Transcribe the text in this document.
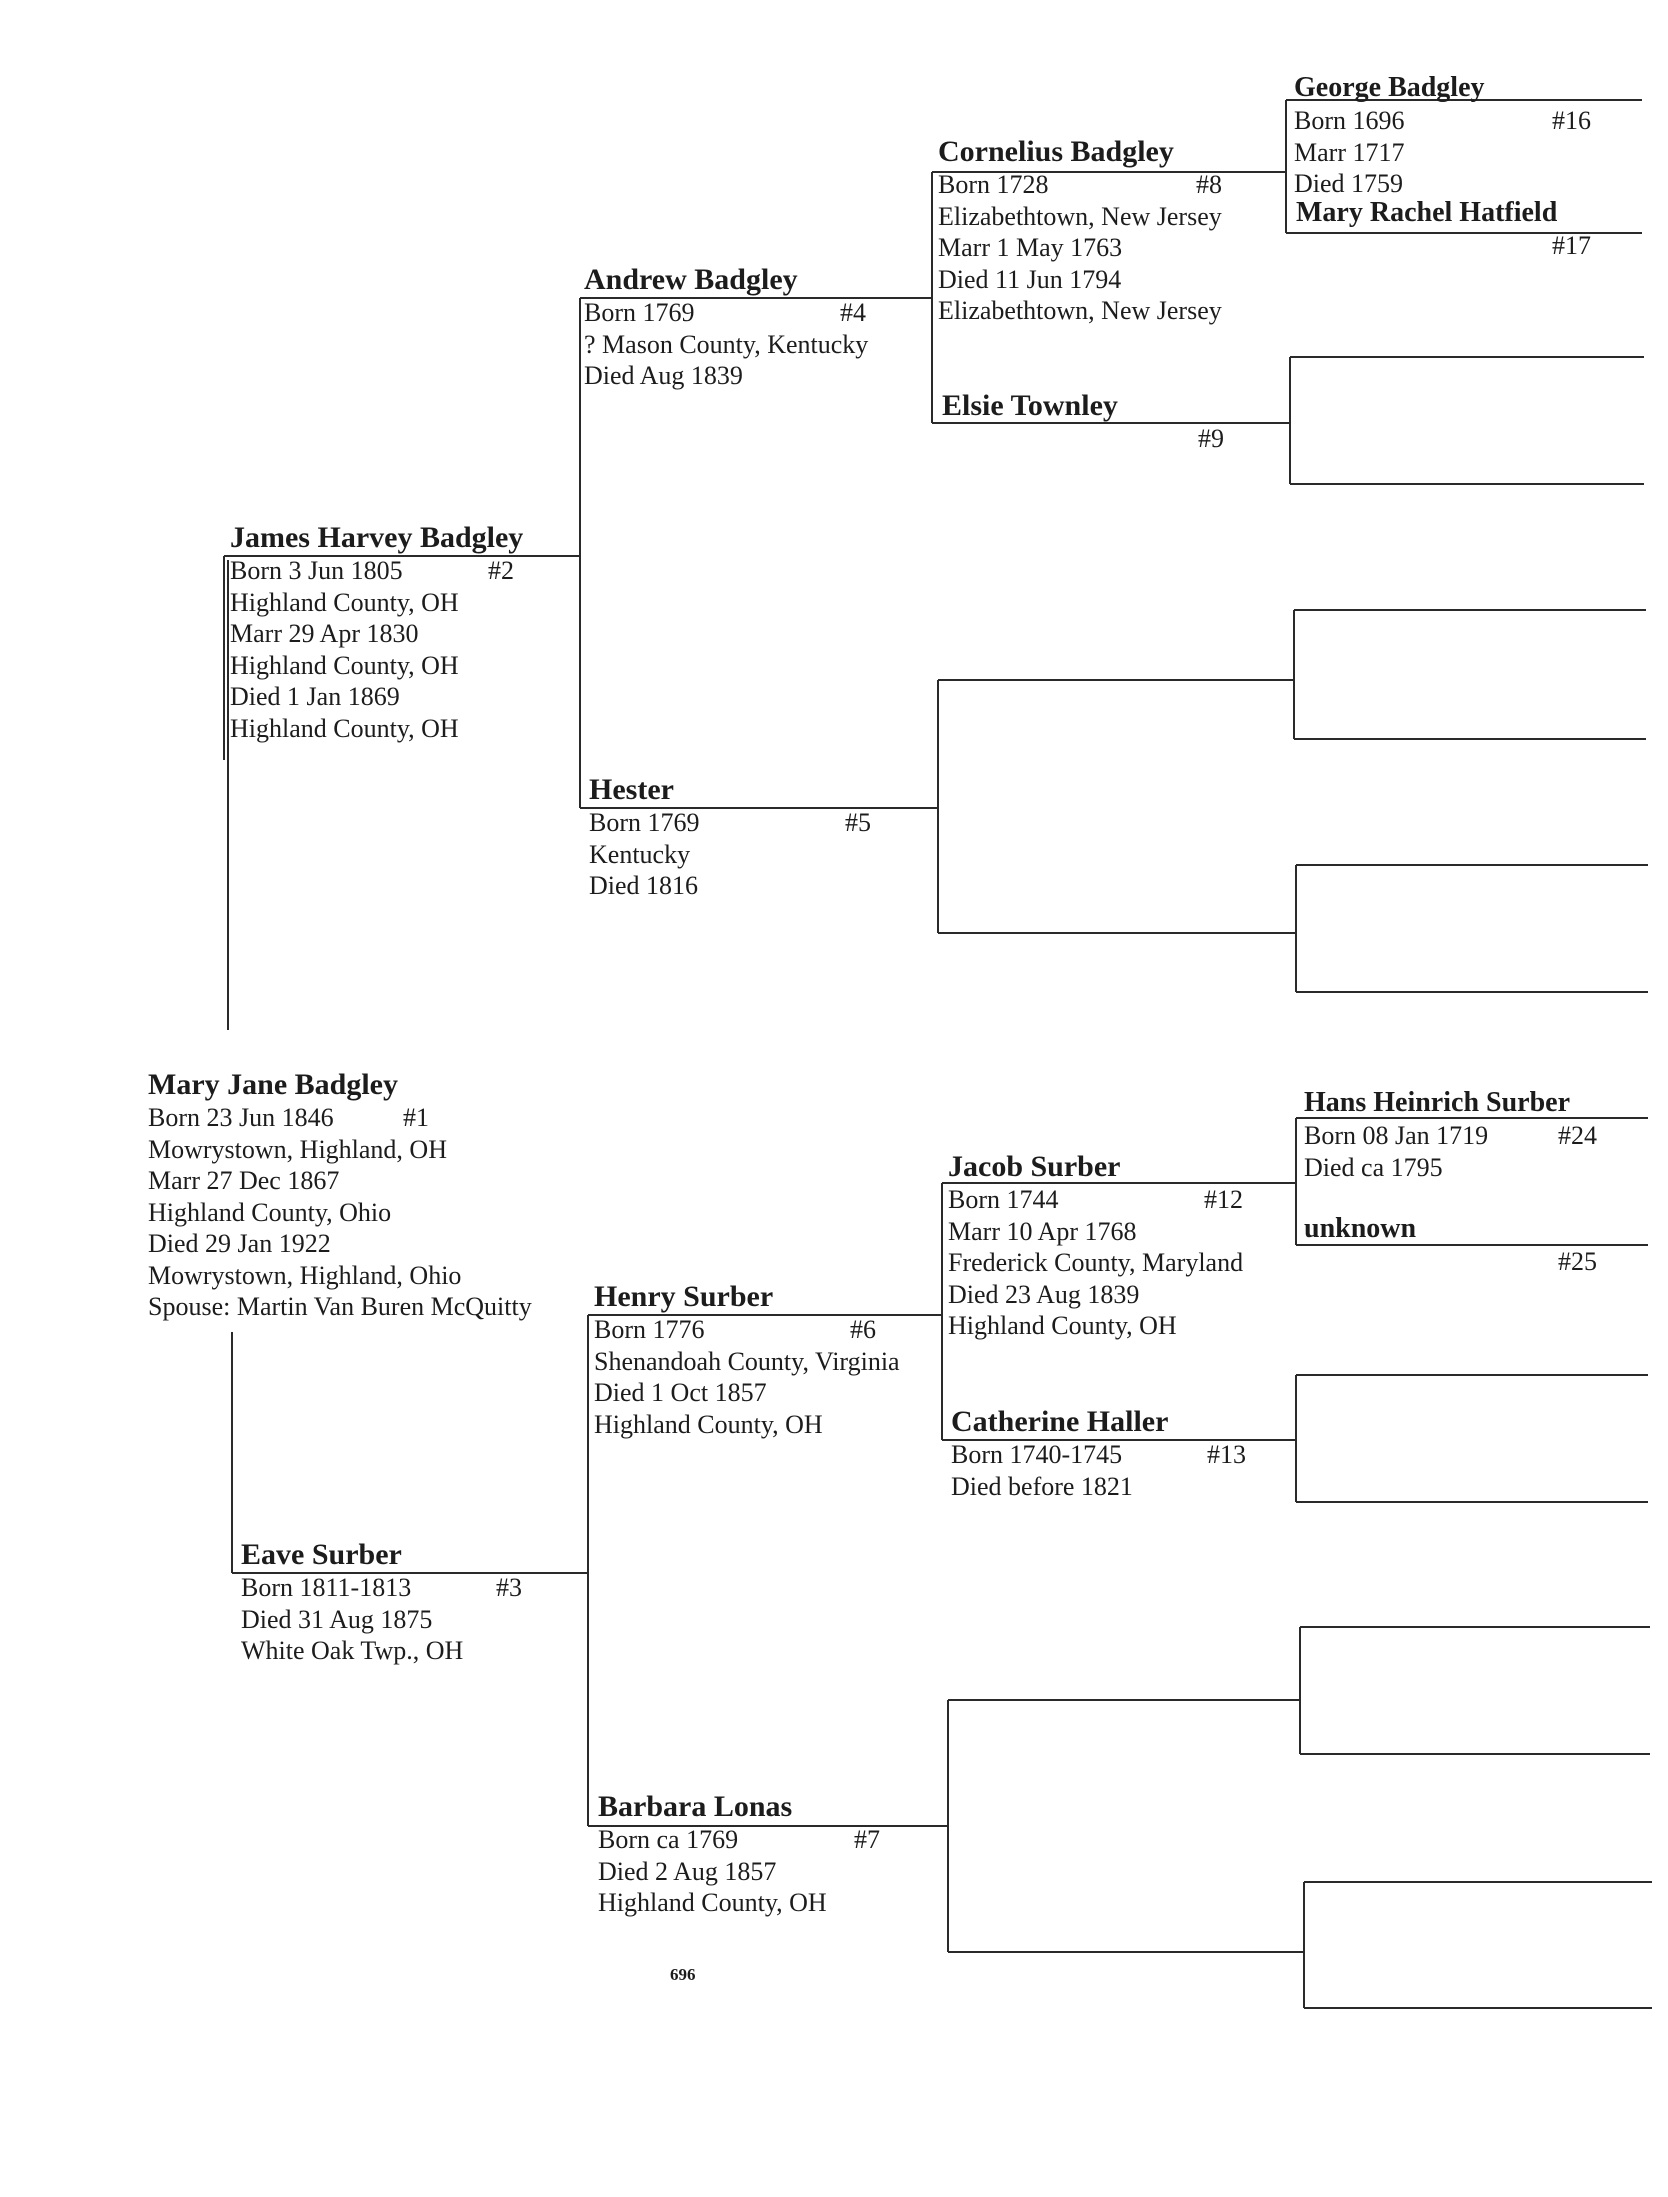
Mary Jane Badgley
Born 23 Jun 1846	#1
Mowrystown, Highland, OH
Marr 27 Dec 1867
Highland County, Ohio
Died 29 Jan 1922
Mowrystown, Highland, Ohio
Spouse: Martin Van Buren McQuitty
James Harvey Badgley
Born 3 Jun 1805	#2
Highland County, OH
Marr 29 Apr 1830
Highland County, OH
Died 1 Jan 1869
Highland County, OH
Eave Surber
Born 1811-1813	#3
Died 31 Aug 1875
White Oak Twp., OH
Andrew Badgley
Born 1769	#4
? Mason County, Kentucky
Died Aug 1839
Hester
Born 1769	#5
Kentucky
Died 1816
Henry Surber
Born 1776	#6
Shenandoah County, Virginia
Died 1 Oct 1857
Highland County, OH
Barbara Lonas
Born ca 1769	#7
Died 2 Aug 1857
Highland County, OH
Cornelius Badgley
Born 1728	#8
Elizabethtown, New Jersey
Marr 1 May 1763
Died 11 Jun 1794
Elizabethtown, New Jersey
Elsie Townley
#9
Jacob Surber
Born 1744	#12
Marr 10 Apr 1768
Frederick County, Maryland
Died 23 Aug 1839
Highland County, OH
Catherine Haller
Born 1740-1745	#13
Died before 1821
George Badgley
Born 1696	#16
Marr 1717
Died 1759
Mary Rachel Hatfield
#17
Hans Heinrich Surber
Born 08 Jan 1719	#24
Died ca 1795
unknown
#25
696
